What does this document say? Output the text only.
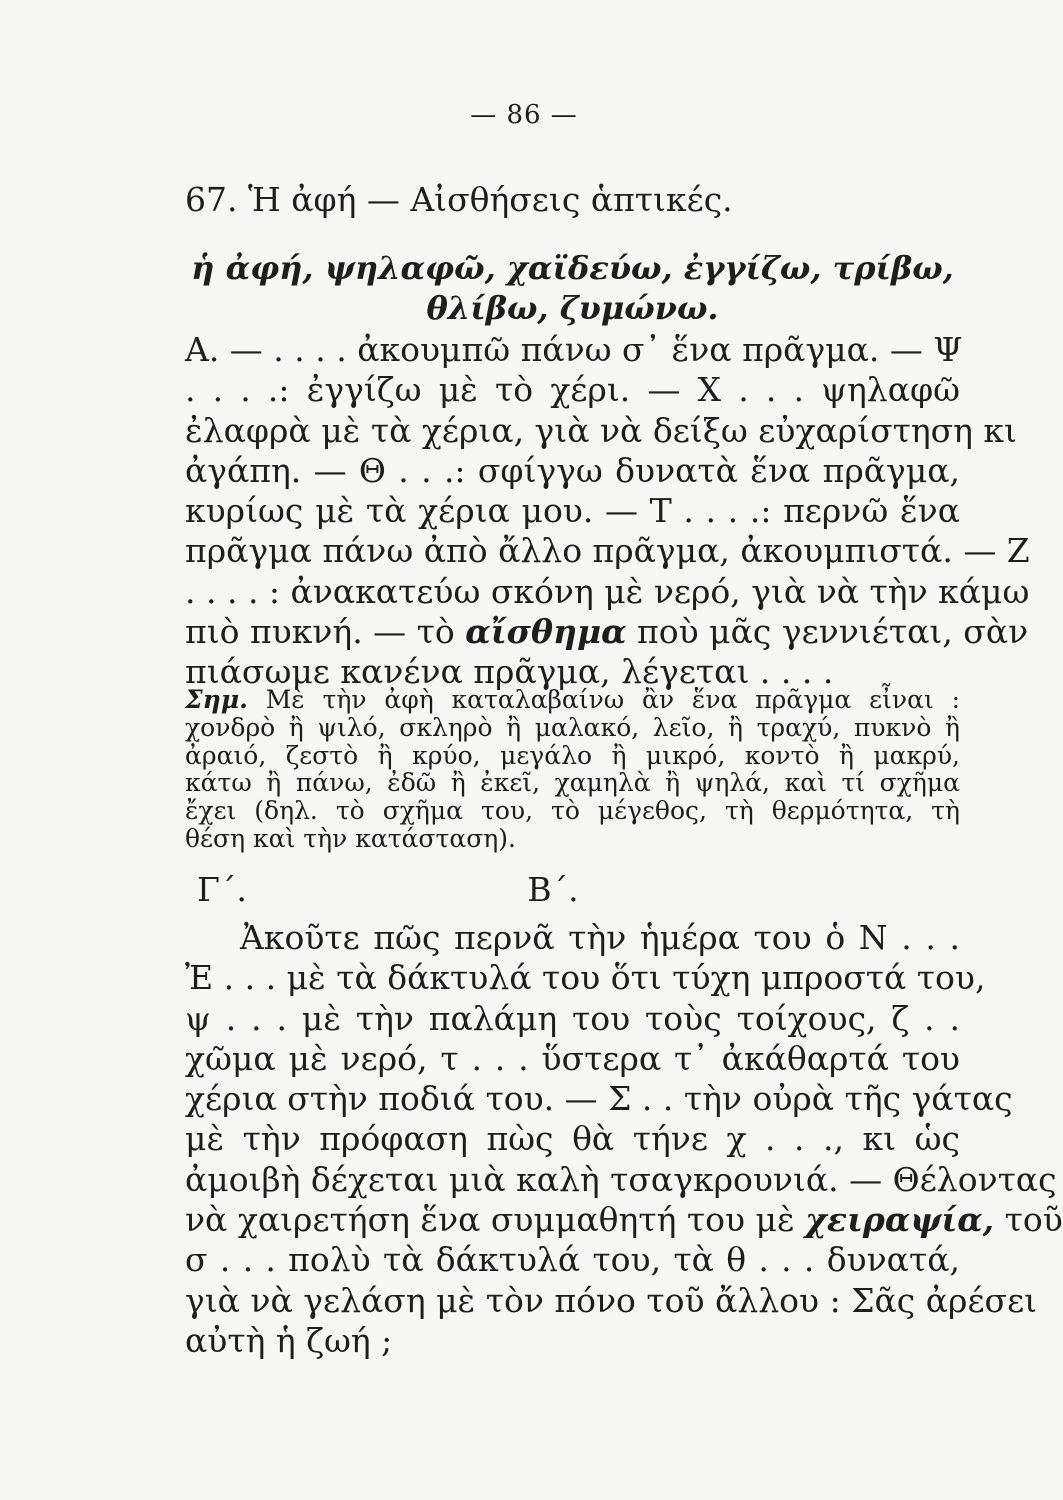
— 86 —
67. Ἡ ἀφή — Αἰσθήσεις ἁπτικές.
ἡ ἀφή, ψηλαφῶ, χαϊδεύω, ἐγγίζω, τρίβω, θλίβω, ζυμώνω.
Α. — . . . . ἀκουμπῶ πάνω σ᾿ ἕνα πρᾶγμα. — Ψ
. . . .: ἐγγίζω μὲ τὸ χέρι. — Χ . . . ψηλαφῶ
ἐλαφρὰ μὲ τὰ χέρια, γιὰ νὰ δείξω εὐχαρίστηση κι
ἀγάπη. — Θ . . .: σφίγγω δυνατὰ ἕνα πρᾶγμα,
κυρίως μὲ τὰ χέρια μου. — Τ . . . .: περνῶ ἕνα
πρᾶγμα πάνω ἀπὸ ἄλλο πρᾶγμα, ἀκουμπιστά. — Ζ
. . . . : ἀνακατεύω σκόνη μὲ νερό, γιὰ νὰ τὴν κάμω
πιὸ πυκνή. — τὸ αἴσθημα ποὺ μᾶς γεννιέται, σὰν
πιάσωμε κανένα πρᾶγμα, λέγεται . . . .
Σημ. Μὲ τὴν ἀφὴ καταλαβαίνω ἂν ἕνα πρᾶγμα εἶναι :
χονδρὸ ἢ ψιλό, σκληρὸ ἢ μαλακό, λεῖο, ἢ τραχύ, πυκνὸ ἢ
ἀραιό, ζεστὸ ἢ κρύο, μεγάλο ἢ μικρό, κοντὸ ἢ μακρύ,
κάτω ἢ πάνω, ἐδῶ ἢ ἐκεῖ, χαμηλὰ ἢ ψηλά, καὶ τί σχῆμα
ἔχει (δηλ. τὸ σχῆμα του, τὸ μέγεθος, τὴ θερμότητα, τὴ
θέση καὶ τὴν κατάσταση).
Γ΄.	Β΄.
Ἀκοῦτε πῶς περνᾶ τὴν ἡμέρα του ὁ Ν . . .
Ἐ . . . μὲ τὰ δάκτυλά του ὅτι τύχη μπροστά του,
ψ . . . μὲ τὴν παλάμη του τοὺς τοίχους, ζ . .
χῶμα μὲ νερό, τ . . . ὕστερα τ᾿ ἀκάθαρτά του
χέρια στὴν ποδιά του. — Σ . . τὴν οὐρὰ τῆς γάτας
μὲ τὴν πρόφαση πὼς θὰ τήνε χ . . ., κι ὡς
ἀμοιβὴ δέχεται μιὰ καλὴ τσαγκρουνιά. — Θέλοντας
νὰ χαιρετήση ἕνα συμμαθητή του μὲ χειραψία, τοῦ
σ . . . πολὺ τὰ δάκτυλά του, τὰ θ . . . δυνατά,
γιὰ νὰ γελάση μὲ τὸν πόνο τοῦ ἄλλου : Σᾶς ἀρέσει
αὐτὴ ἡ ζωή ;
